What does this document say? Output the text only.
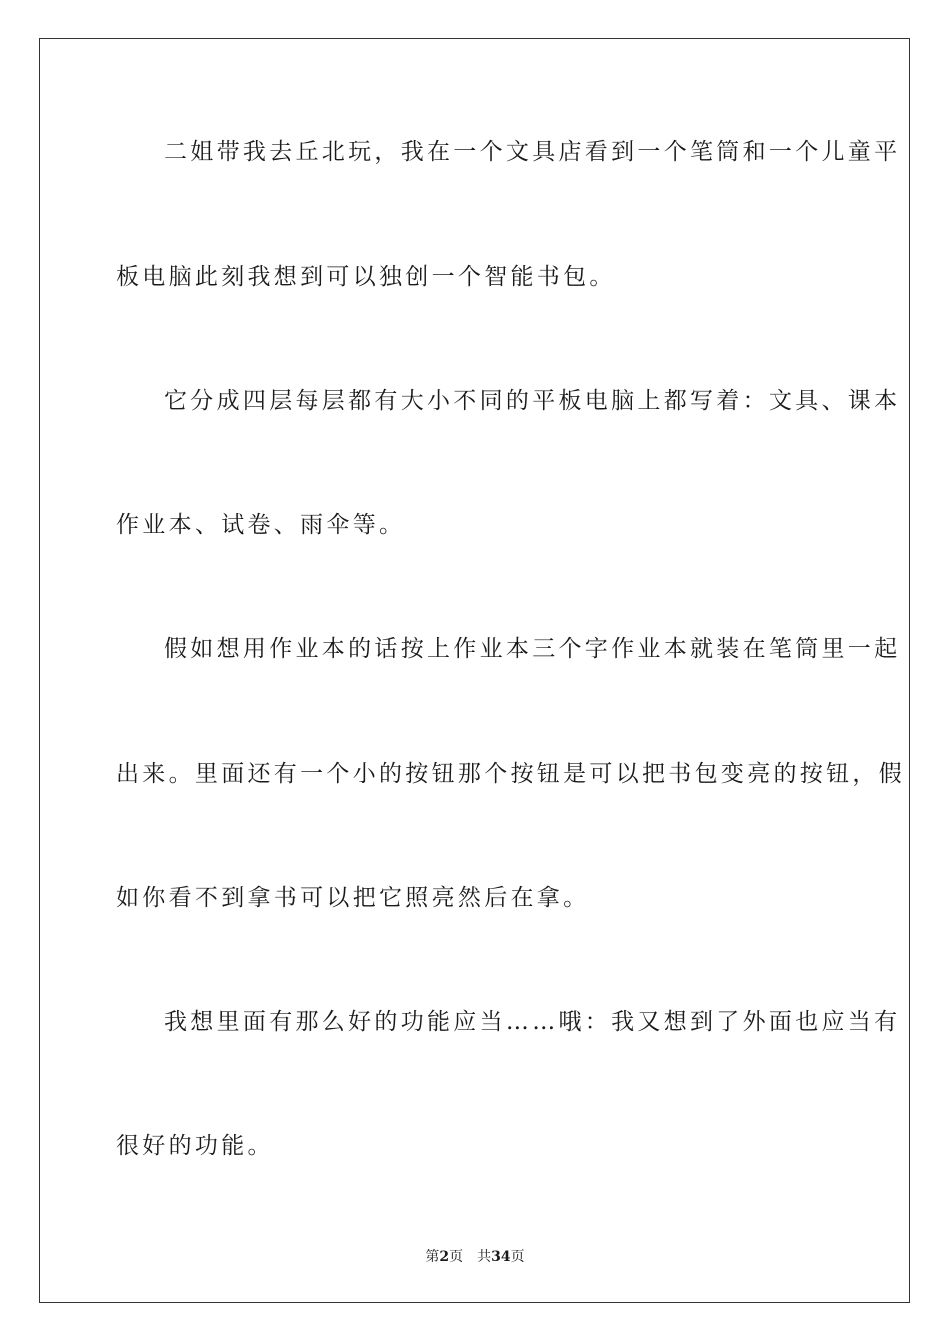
二姐带我去丘北玩，我在一个文具店看到一个笔筒和一个儿童平
板电脑此刻我想到可以独创一个智能书包。
它分成四层每层都有大小不同的平板电脑上都写着：文具、课本
作业本、试卷、雨伞等。
假如想用作业本的话按上作业本三个字作业本就装在笔筒里一起
出来。里面还有一个小的按钮那个按钮是可以把书包变亮的按钮，假
如你看不到拿书可以把它照亮然后在拿。
我想里面有那么好的功能应当……哦：我又想到了外面也应当有
很好的功能。
第2页 共34页
